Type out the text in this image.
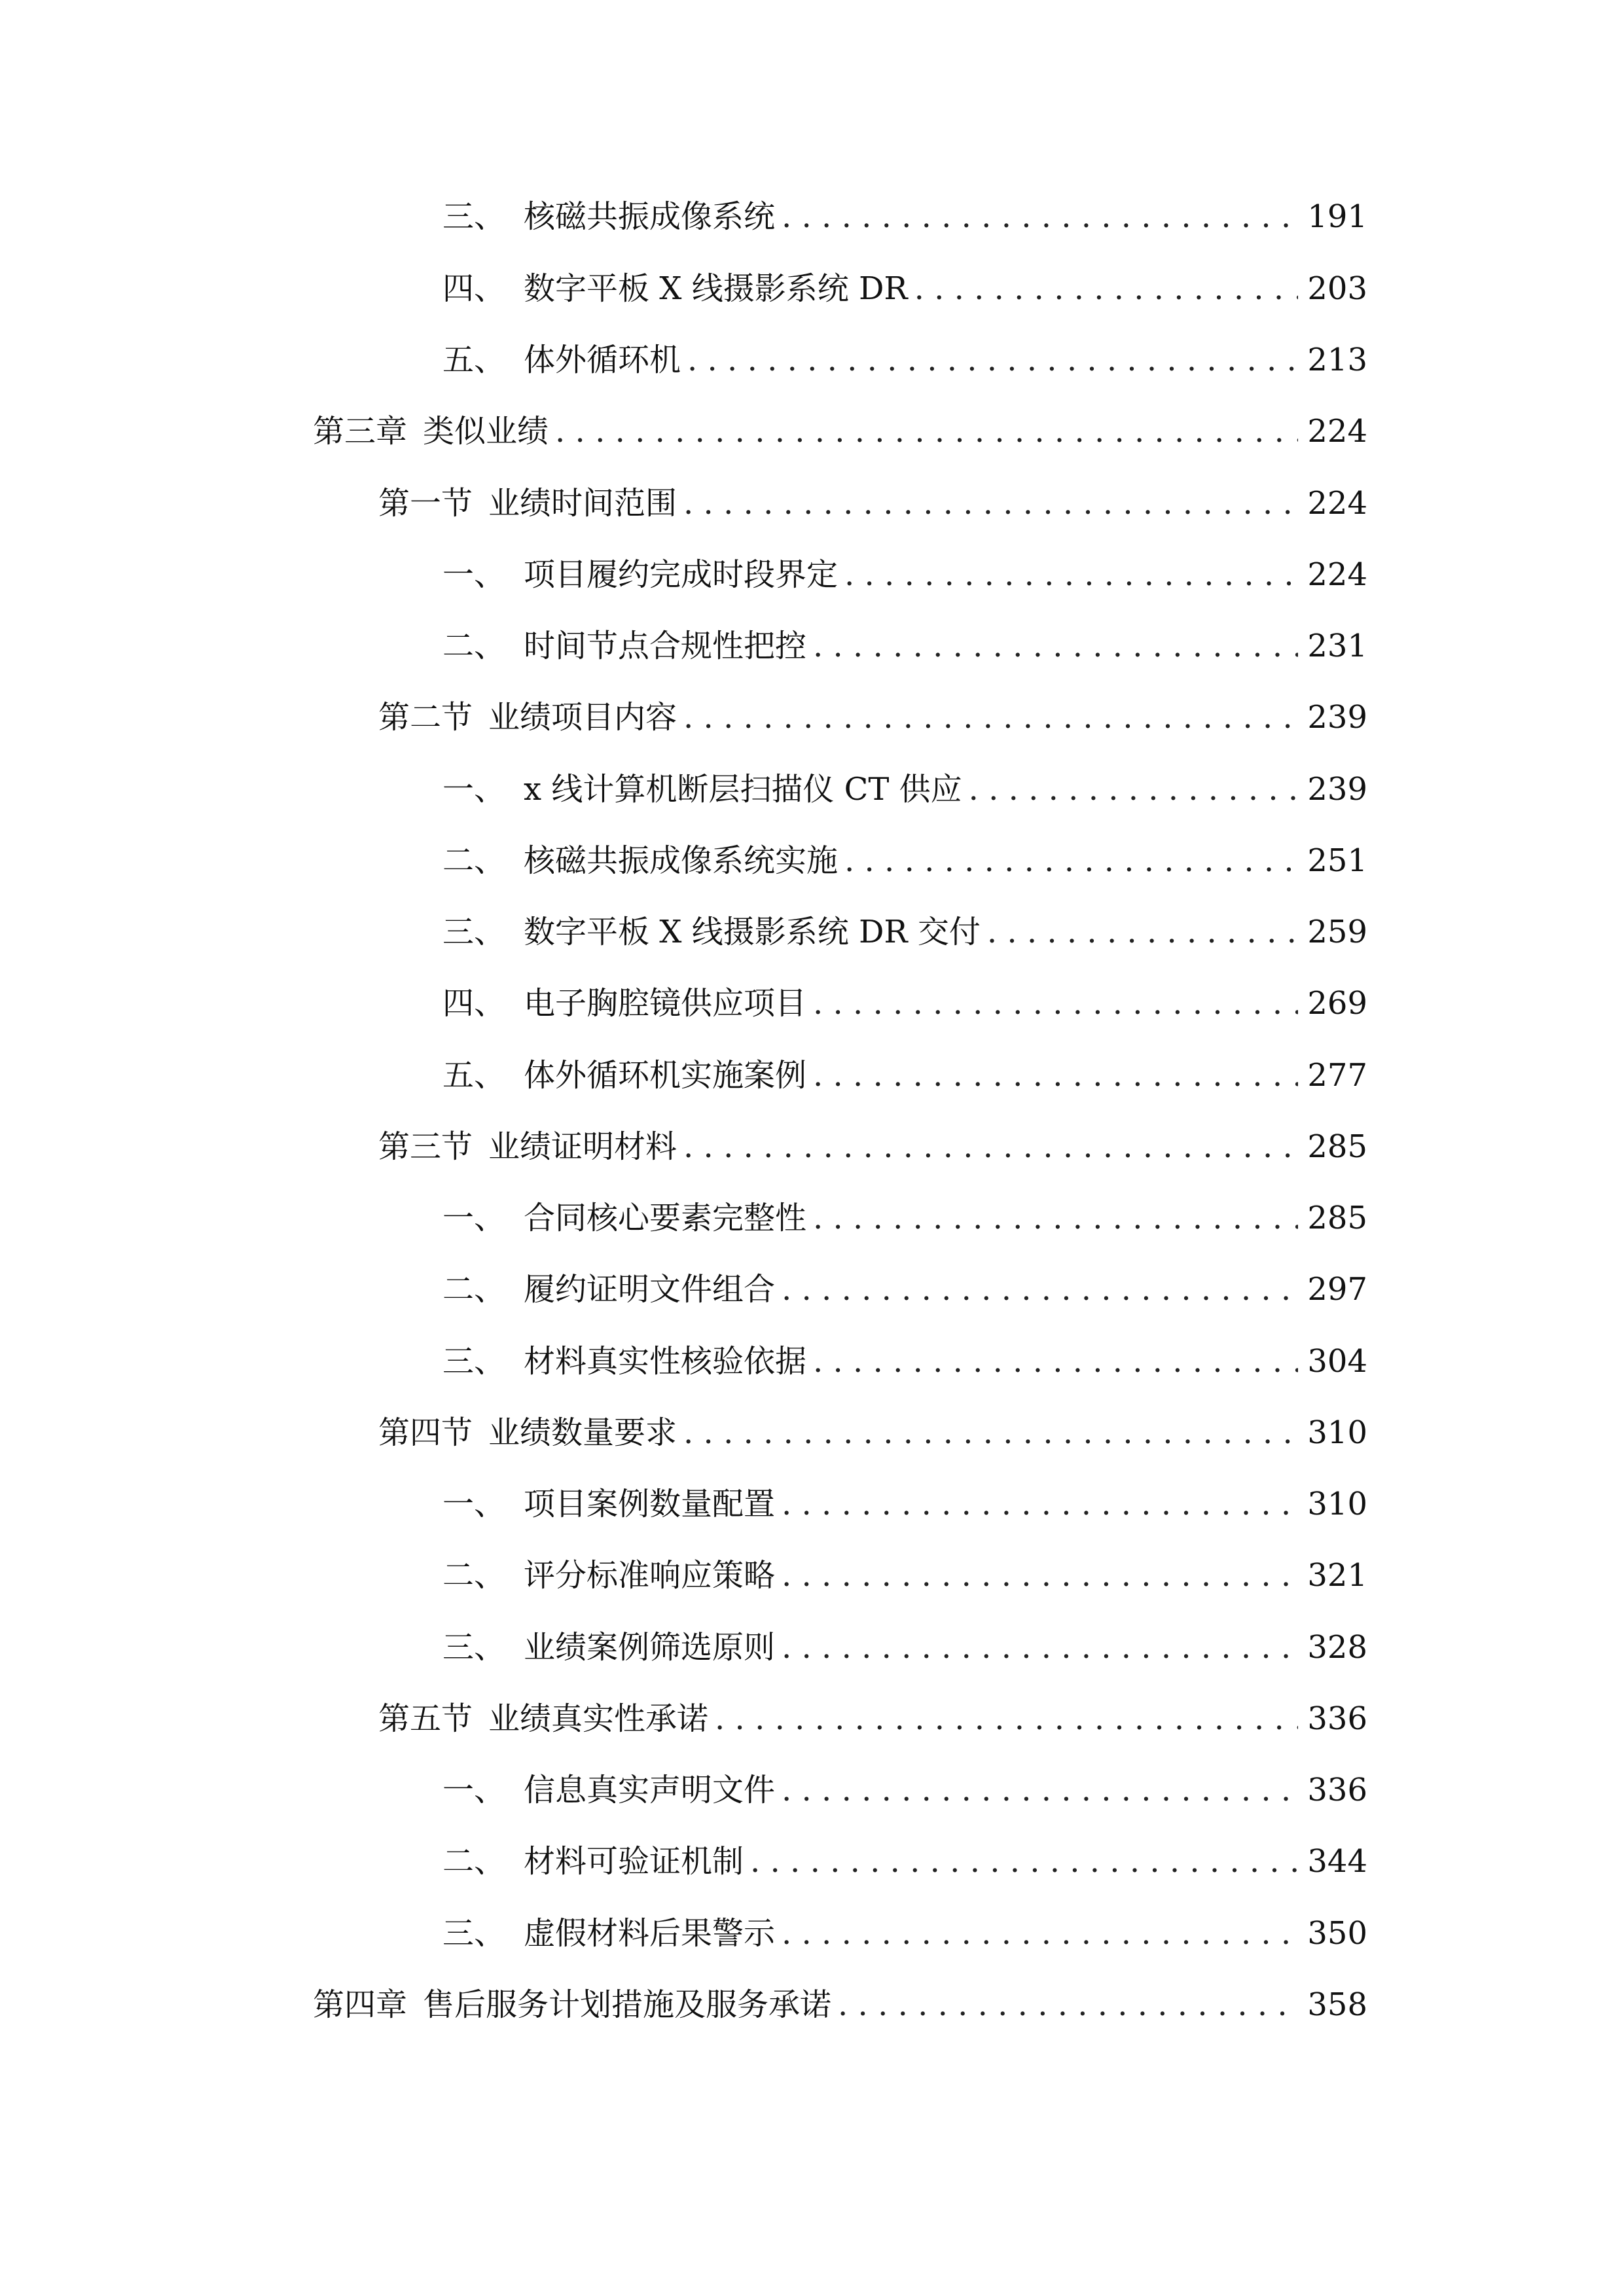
三、 核磁共振成像系统 . . .	191
四、 数字平板 X 线摄影系统 DR . . .	203
五、 体外循环机 . . .	213
第三章 类似业绩 . . .	224
第一节 业绩时间范围 . . .	224
一、 项目履约完成时段界定 . . .	224
二、 时间节点合规性把控 . . .	231
第二节 业绩项目内容 . . .	239
一、 x 线计算机断层扫描仪 CT 供应 . . .	239
二、 核磁共振成像系统实施 . . .	251
三、 数字平板 X 线摄影系统 DR 交付 . . .	259
四、 电子胸腔镜供应项目 . . .	269
五、 体外循环机实施案例 . . .	277
第三节 业绩证明材料 . . .	285
一、 合同核心要素完整性 . . .	285
二、 履约证明文件组合 . . .	297
三、 材料真实性核验依据 . . .	304
第四节 业绩数量要求 . . .	310
一、 项目案例数量配置 . . .	310
二、 评分标准响应策略 . . .	321
三、 业绩案例筛选原则 . . .	328
第五节 业绩真实性承诺 . . .	336
一、 信息真实声明文件 . . .	336
二、 材料可验证机制 . . .	344
三、 虚假材料后果警示 . . .	350
第四章 售后服务计划措施及服务承诺 . . .	358
